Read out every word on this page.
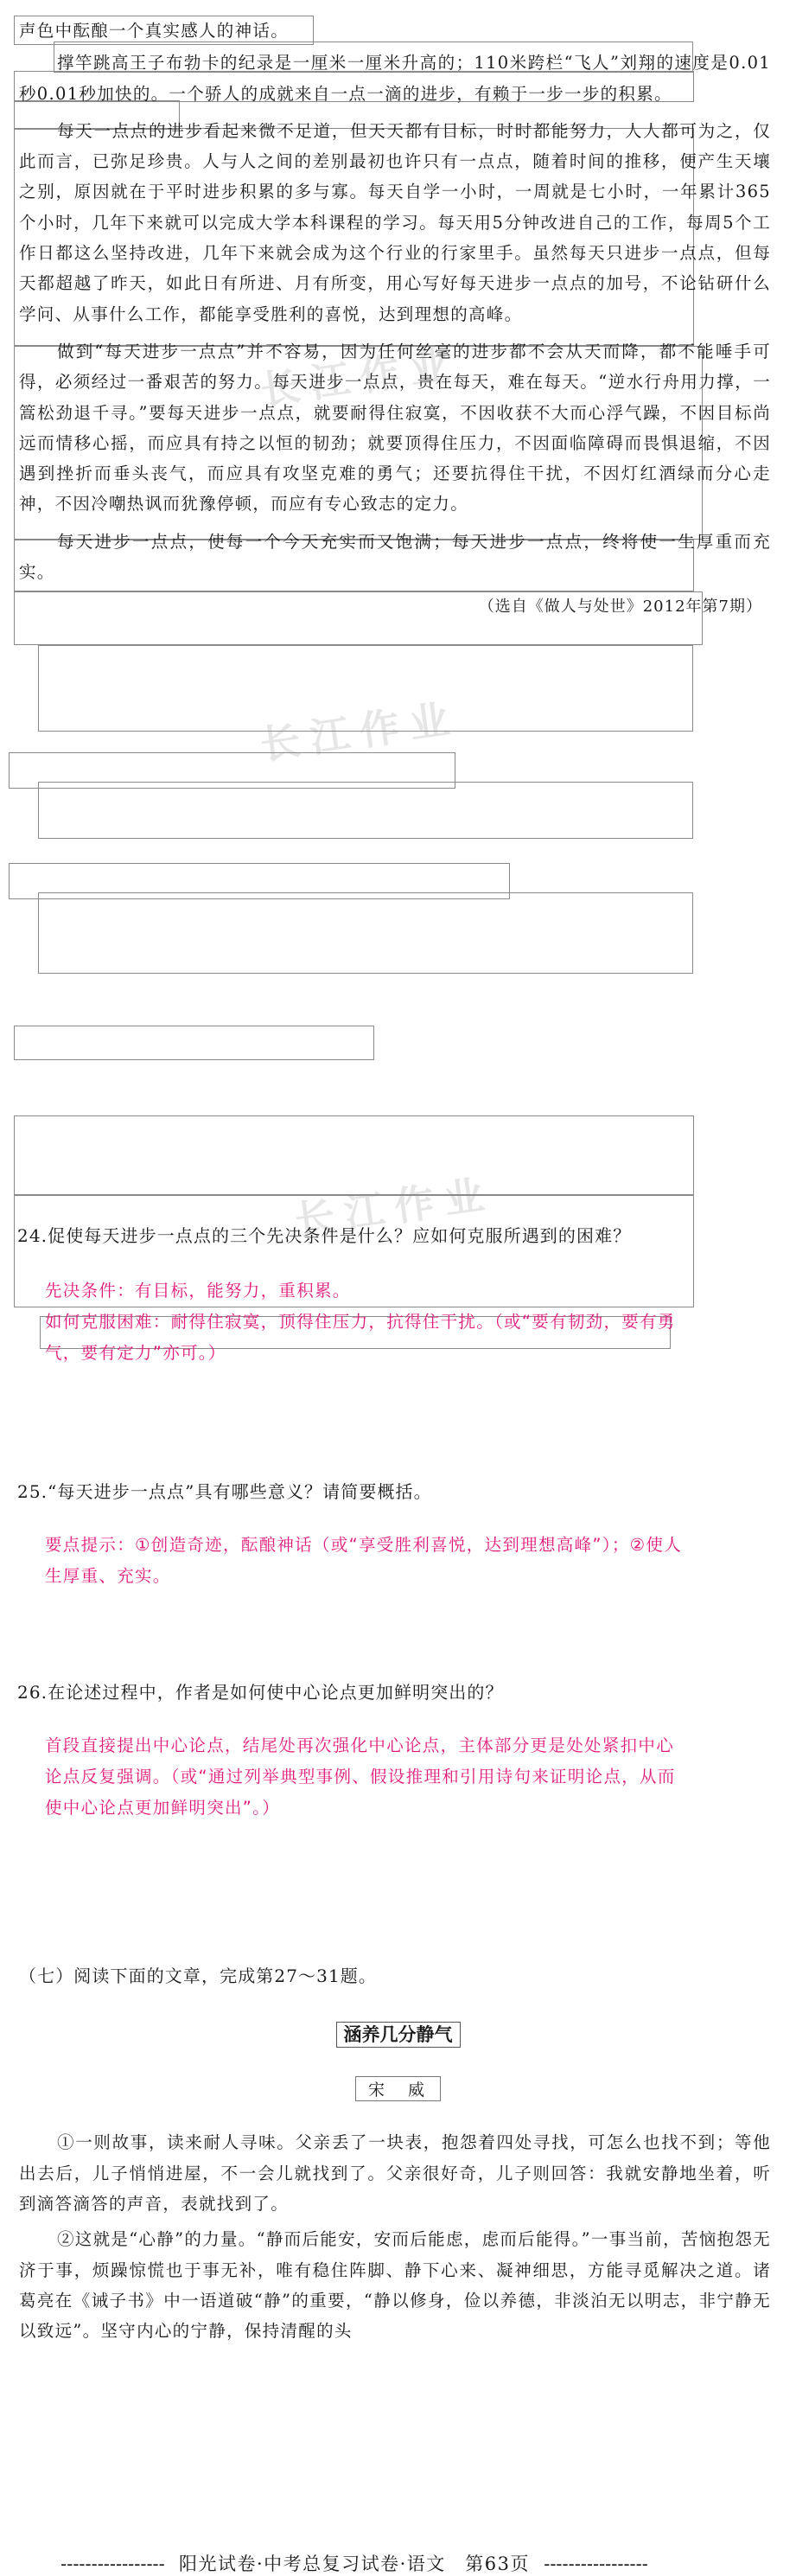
长江作业
长江作业
长江作业

声色中酝酿一个真实感人的神话。

撑竿跳高王子布勃卡的纪录是一厘米一厘米升高的；110米跨栏“飞人”刘翔的速度是0.01秒0.01秒加快的。一个骄人的成就来自一点一滴的进步，有赖于一步一步的积累。

每天一点点的进步看起来微不足道，但天天都有目标，时时都能努力，人人都可为之，仅此而言，已弥足珍贵。人与人之间的差别最初也许只有一点点，随着时间的推移，便产生天壤之别，原因就在于平时进步积累的多与寡。每天自学一小时，一周就是七小时，一年累计365个小时，几年下来就可以完成大学本科课程的学习。每天用5分钟改进自己的工作，每周5个工作日都这么坚持改进，几年下来就会成为这个行业的行家里手。虽然每天只进步一点点，但每天都超越了昨天，如此日有所进、月有所变，用心写好每天进步一点点的加号，不论钻研什么学问、从事什么工作，都能享受胜利的喜悦，达到理想的高峰。

做到“每天进步一点点”并不容易，因为任何丝毫的进步都不会从天而降，都不能唾手可得，必须经过一番艰苦的努力。每天进步一点点，贵在每天，难在每天。“逆水行舟用力撑，一篙松劲退千寻。”要每天进步一点点，就要耐得住寂寞，不因收获不大而心浮气躁，不因目标尚远而情移心摇，而应具有持之以恒的韧劲；就要顶得住压力，不因面临障碍而畏惧退缩，不因遇到挫折而垂头丧气，而应具有攻坚克难的勇气；还要抗得住干扰，不因灯红酒绿而分心走神，不因冷嘲热讽而犹豫停顿，而应有专心致志的定力。

每天进步一点点，使每一个今天充实而又饱满；每天进步一点点，终将使一生厚重而充实。

（选自《做人与处世》2012年第7期）

24.促使每天进步一点点的三个先决条件是什么？应如何克服所遇到的困难？

先决条件：有目标，能努力，重积累。
如何克服困难：耐得住寂寞，顶得住压力，抗得住干扰。（或“要有韧劲，要有勇气，要有定力”亦可。）

25.“每天进步一点点”具有哪些意义？请简要概括。

要点提示：①创造奇迹，酝酿神话（或“享受胜利喜悦，达到理想高峰”）；②使人生厚重、充实。

26.在论述过程中，作者是如何使中心论点更加鲜明突出的？

首段直接提出中心论点，结尾处再次强化中心论点，主体部分更是处处紧扣中心论点反复强调。（或“通过列举典型事例、假设推理和引用诗句来证明论点，从而使中心论点更加鲜明突出”。）

（七）阅读下面的文章，完成第27～31题。

涵养几分静气
宋　威

①一则故事，读来耐人寻味。父亲丢了一块表，抱怨着四处寻找，可怎么也找不到；等他出去后，儿子悄悄进屋，不一会儿就找到了。父亲很好奇，儿子则回答：我就安静地坐着，听到滴答滴答的声音，表就找到了。

②这就是“心静”的力量。“静而后能安，安而后能虑，虑而后能得。”一事当前，苦恼抱怨无济于事，烦躁惊慌也于事无补，唯有稳住阵脚、静下心来、凝神细思，方能寻觅解决之道。诸葛亮在《诫子书》中一语道破“静”的重要，“静以修身，俭以养德，非淡泊无以明志，非宁静无以致远”。坚守内心的宁静，保持清醒的头

----------------- 阳光试卷·中考总复习试卷·语文　第63页 -----------------
